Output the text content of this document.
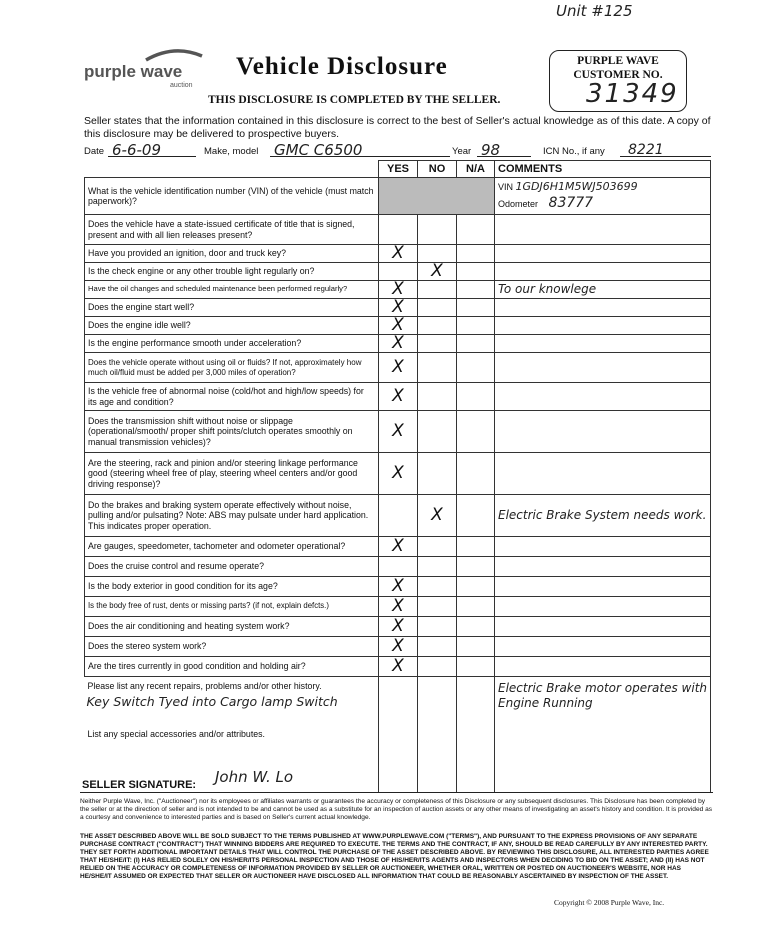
Unit #125
purple wave
auction
Vehicle Disclosure
THIS DISCLOSURE IS COMPLETED BY THE SELLER.
PURPLE WAVE
CUSTOMER NO.
31349
Seller states that the information contained in this disclosure is correct to the best of Seller's actual knowledge as of this date. A copy of this disclosure may be delivered to prospective buyers.
Date 6-6-09	Make, model GMC C6500	Year 98	ICN No., if any	8221
	YES	NO	N/A	COMMENTS
What is the vehicle identification number (VIN) of the vehicle (must match paperwork)?				VIN 1GDJ6H1M5WJ503699
Odometer 83777

Does the vehicle have a state-issued certificate of title that is signed, present and with all lien releases present?				
Have you provided an ignition, door and truck key?	X			
Is the check engine or any other trouble light regularly on?		X		
Have the oil changes and scheduled maintenance been performed regularly?	X			To our knowlege
Does the engine start well?	X			
Does the engine idle well?	X			
Is the engine performance smooth under acceleration?	X			
Does the vehicle operate without using oil or fluids? If not, approximately how much oil/fluid must be added per 3,000 miles of operation?	X			
Is the vehicle free of abnormal noise (cold/hot and high/low speeds) for its age and condition?	X			
Does the transmission shift without noise or slippage (operational/smooth/ proper shift points/clutch operates smoothly on manual transmission vehicles)?	X			
Are the steering, rack and pinion and/or steering linkage performance good (steering wheel free of play, steering wheel centers and/or good driving response)?	X			
Do the brakes and braking system operate effectively without noise, pulling and/or pulsating? Note: ABS may pulsate under hard application. This indicates proper operation.		X		Electric Brake System needs work.
Are gauges, speedometer, tachometer and odometer operational?	X			
Does the cruise control and resume operate?				
Is the body exterior in good condition for its age?	X			
Is the body free of rust, dents or missing parts? (if not, explain defcts.)	X			
Does the air conditioning and heating system work?	X			
Does the stereo system work?	X			
Are the tires currently in good condition and holding air?	X			

Please list any recent repairs, problems and/or other history.
Key Switch Tyed into Cargo lamp Switch
List any special accessories and/or attributes.				Electric Brake motor operates with Engine Running
SELLER SIGNATURE: John W. Lo
Neither Purple Wave, Inc. ("Auctioneer") nor its employees or affiliates warrants or guarantees the accuracy or completeness of this Disclosure or any subsequent disclosures. This Disclosure has been completed by the seller or at the direction of seller and is not intended to be and cannot be used as a substitute for an inspection of auction assets or any other means of investigating an asset's history and condition. It is provided as a courtesy and convenience to interested parties and is based on Seller's current actual knowledge.
THE ASSET DESCRIBED ABOVE WILL BE SOLD SUBJECT TO THE TERMS PUBLISHED AT WWW.PURPLEWAVE.COM ("TERMS"), AND PURSUANT TO THE EXPRESS PROVISIONS OF ANY SEPARATE PURCHASE CONTRACT ("CONTRACT") THAT WINNING BIDDERS ARE REQUIRED TO EXECUTE. THE TERMS AND THE CONTRACT, IF ANY, SHOULD BE READ CAREFULLY BY ANY INTERESTED PARTY. THEY SET FORTH ADDITIONAL IMPORTANT DETAILS THAT WILL CONTROL THE PURCHASE OF THE ASSET DESCRIBED ABOVE. BY REVIEWING THIS DISCLOSURE, ALL INTERESTED PARTIES AGREE THAT HE/SHE/IT: (I) HAS RELIED SOLELY ON HIS/HER/ITS PERSONAL INSPECTION AND THOSE OF HIS/HER/ITS AGENTS AND INSPECTORS WHEN DECIDING TO BID ON THE ASSET; AND (II) HAS NOT RELIED ON THE ACCURACY OR COMPLETENESS OF INFORMATION PROVIDED BY SELLER OR AUCTIONEER, WHETHER ORAL, WRITTEN OR POSTED ON AUCTIONEER'S WEBSITE, NOR HAS HE/SHE/IT ASSUMED OR EXPECTED THAT SELLER OR AUCTIONEER HAVE DISCLOSED ALL INFORMATION THAT COULD BE REASONABLY ASCERTAINED BY INSPECTION OF THE ASSET.
Copyright © 2008 Purple Wave, Inc.
